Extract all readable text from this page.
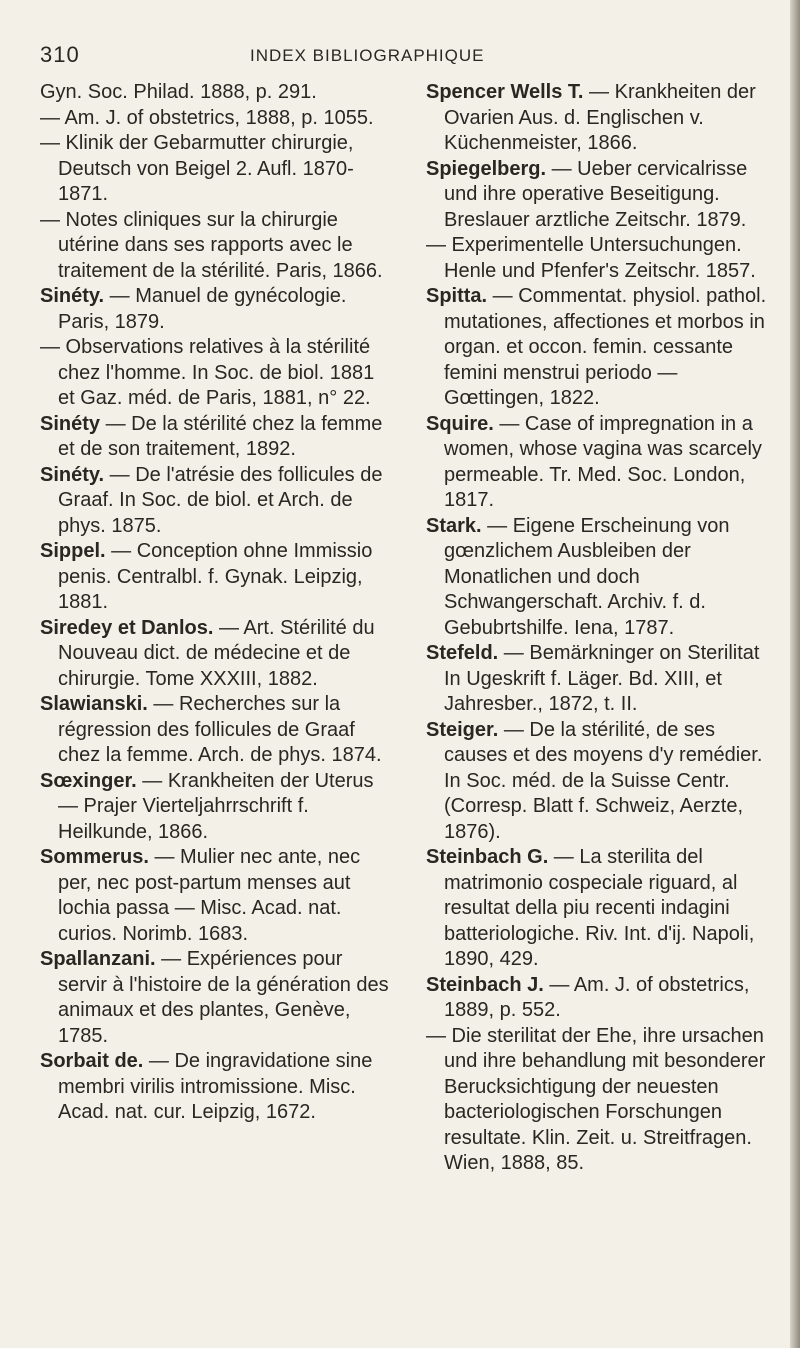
310	INDEX BIBLIOGRAPHIQUE

Gyn. Soc. Philad. 1888, p. 291.

— Am. J. of obstetrics, 1888, p. 1055.

— Klinik der Gebarmutter chirurgie, Deutsch von Beigel 2. Aufl. 1870-1871.

— Notes cliniques sur la chirurgie utérine dans ses rapports avec le traitement de la stérilité. Paris, 1866.

Sinéty. — Manuel de gynécologie. Paris, 1879.

— Observations relatives à la stérilité chez l'homme. In Soc. de biol. 1881 et Gaz. méd. de Paris, 1881, n° 22.

Sinéty — De la stérilité chez la femme et de son traitement, 1892.

Sinéty. — De l'atrésie des follicules de Graaf. In Soc. de biol. et Arch. de phys. 1875.

Sippel. — Conception ohne Immissio penis. Centralbl. f. Gynak. Leipzig, 1881.

Siredey et Danlos. — Art. Stérilité du Nouveau dict. de médecine et de chirurgie. Tome XXXIII, 1882.

Slawianski. — Recherches sur la régression des follicules de Graaf chez la femme. Arch. de phys. 1874.

Sœxinger. — Krankheiten der Uterus — Prajer Vierteljahrrschrift f. Heilkunde, 1866.

Sommerus. — Mulier nec ante, nec per, nec post-partum menses aut lochia passa — Misc. Acad. nat. curios. Norimb. 1683.

Spallanzani. — Expériences pour servir à l'histoire de la génération des animaux et des plantes, Genève, 1785.

Sorbait de. — De ingravidatione sine membri virilis intromissione. Misc. Acad. nat. cur. Leipzig, 1672.

Spencer Wells T. — Krankheiten der Ovarien Aus. d. Englischen v. Küchenmeister, 1866.

Spiegelberg. — Ueber cervicalrisse und ihre operative Beseitigung. Breslauer arztliche Zeitschr. 1879.

— Experimentelle Untersuchungen. Henle und Pfenfer's Zeitschr. 1857.

Spitta. — Commentat. physiol. pathol. mutationes, affectiones et morbos in organ. et occon. femin. cessante femini menstrui periodo — Gœttingen, 1822.

Squire. — Case of impregnation in a women, whose vagina was scarcely permeable. Tr. Med. Soc. London, 1817.

Stark. — Eigene Erscheinung von gœnzlichem Ausbleiben der Monatlichen und doch Schwangerschaft. Archiv. f. d. Gebubrtshilfe. Iena, 1787.

Stefeld. — Bemärkninger on Sterilitat In Ugeskrift f. Läger. Bd. XIII, et Jahresber., 1872, t. II.

Steiger. — De la stérilité, de ses causes et des moyens d'y remédier. In Soc. méd. de la Suisse Centr. (Corresp. Blatt f. Schweiz, Aerzte, 1876).

Steinbach G. — La sterilita del matrimonio cospeciale riguard, al resultat della piu recenti indagini batteriologiche. Riv. Int. d'ij. Napoli, 1890, 429.

Steinbach J. — Am. J. of obstetrics, 1889, p. 552.

— Die sterilitat der Ehe, ihre ursachen und ihre behandlung mit besonderer Berucksichtigung der neuesten bacteriologischen Forschungen resultate. Klin. Zeit. u. Streitfragen. Wien, 1888, 85.
